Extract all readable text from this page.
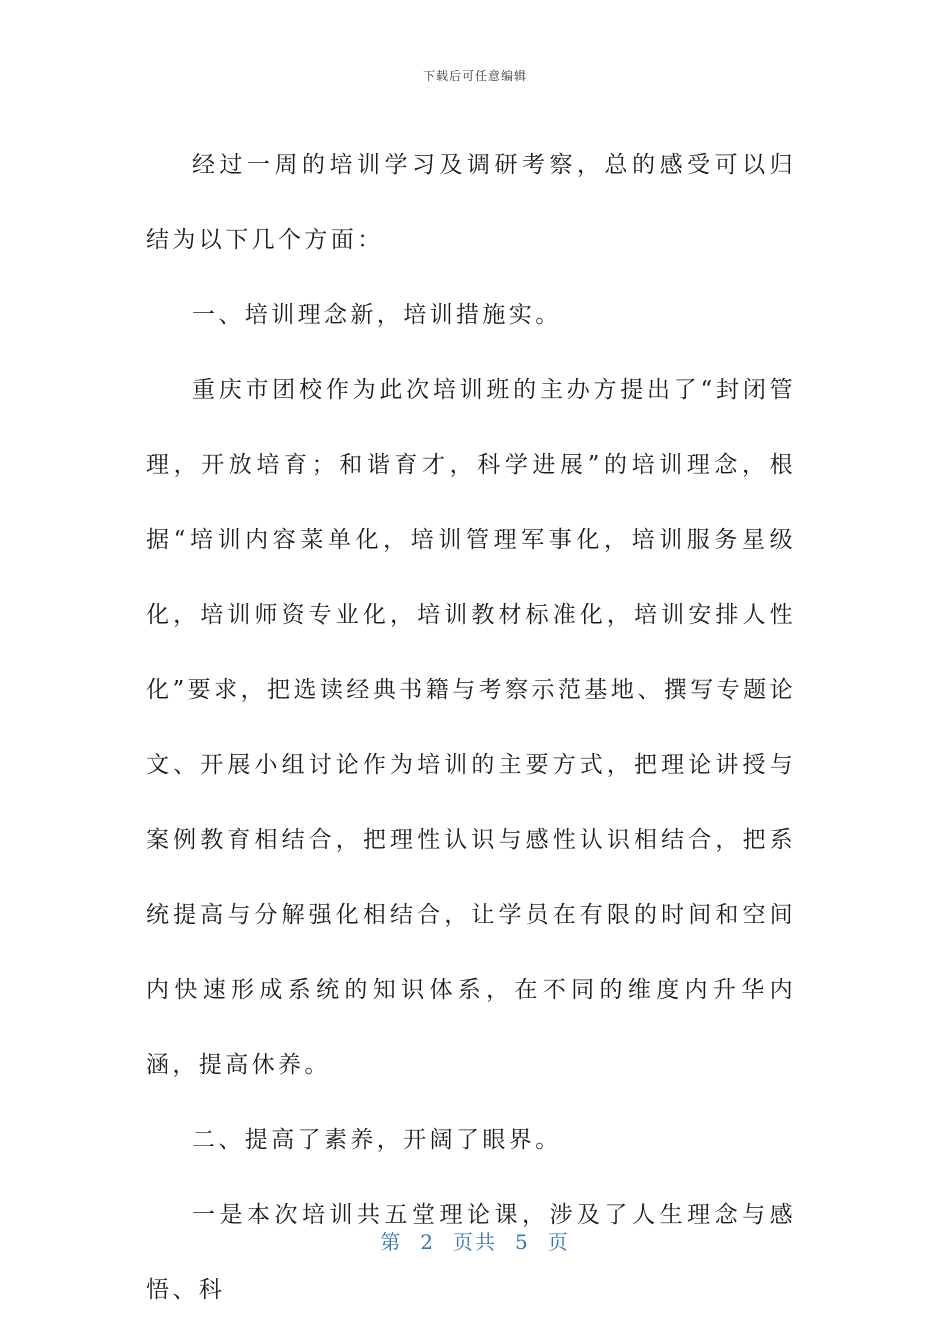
下载后可任意编辑

经过一周的培训学习及调研考察，总的感受可以归结为以下几个方面：

一、培训理念新，培训措施实。

重庆市团校作为此次培训班的主办方提出了“封闭管理，开放培育；和谐育才，科学进展”的培训理念，根据“培训内容菜单化，培训管理军事化，培训服务星级化，培训师资专业化，培训教材标准化，培训安排人性化”要求，把选读经典书籍与考察示范基地、撰写专题论文、开展小组讨论作为培训的主要方式，把理论讲授与案例教育相结合，把理性认识与感性认识相结合，把系统提高与分解强化相结合，让学员在有限的时间和空间内快速形成系统的知识体系，在不同的维度内升华内涵，提高休养。

二、提高了素养，开阔了眼界。

一是本次培训共五堂理论课，涉及了人生理念与感悟、科

第 2 页共 5 页
